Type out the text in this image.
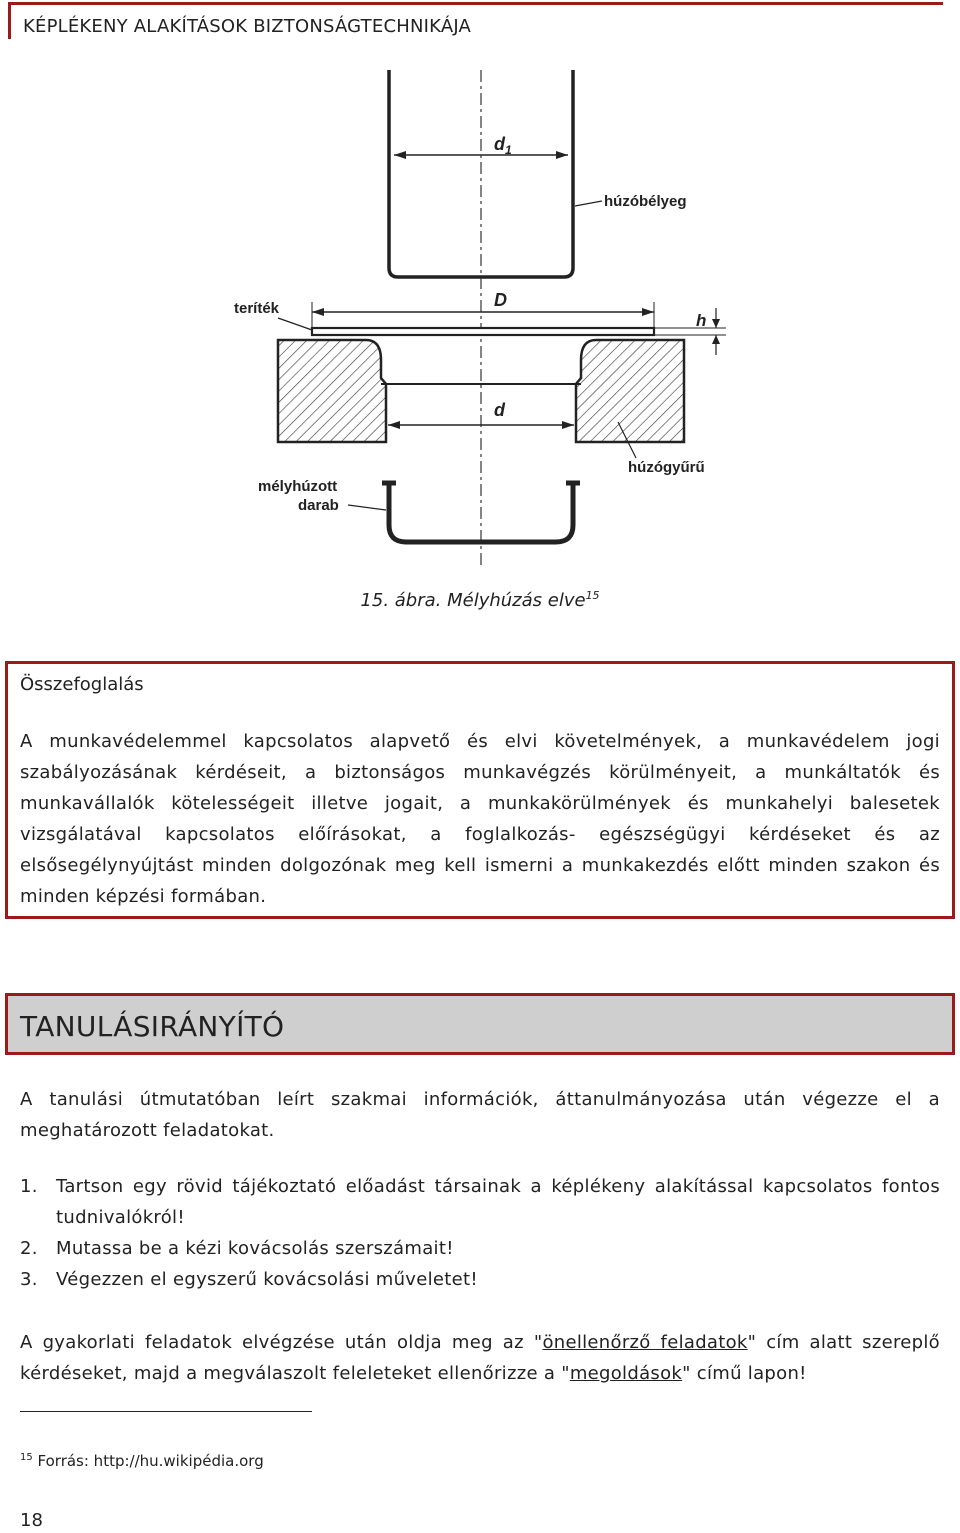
KÉPLÉKENY ALAKÍTÁSOK BIZTONSÁGTECHNIKÁJA
$d_1$
húzóbélyeg
D
teríték
h
d
húzógyűrű
mélyhúzott
darab
15. ábra. Mélyhúzás elve$^{15}$
Összefoglalás
A munkavédelemmel kapcsolatos alapvető és elvi követelmények, a munkavédelem jogi szabályozásának kérdéseit, a biztonságos munkavégzés körülményeit, a munkáltatók és munkavállalók kötelességeit illetve jogait, a munkakörülmények és munkahelyi balesetek vizsgálatával kapcsolatos előírásokat, a foglalkozás- egészségügyi kérdéseket és az elsősegélynyújtást minden dolgozónak meg kell ismerni a munkakezdés előtt minden szakon és minden képzési formában.
TANULÁSIRÁNYÍTÓ
A tanulási útmutatóban leírt szakmai információk, áttanulmányozása után végezze el a meghatározott feladatokat.
1.	Tartson egy rövid tájékoztató előadást társainak a képlékeny alakítással kapcsolatos fontos tudnivalókról!
2.	Mutassa be a kézi kovácsolás szerszámait!
3.	Végezzen el egyszerű kovácsolási műveletet!
A gyakorlati feladatok elvégzése után oldja meg az "önellenőrző feladatok" cím alatt szereplő kérdéseket, majd a megválaszolt feleleteket ellenőrizze a "megoldások" című lapon!
$^{15}$ Forrás: http://hu.wikipédia.org
18
